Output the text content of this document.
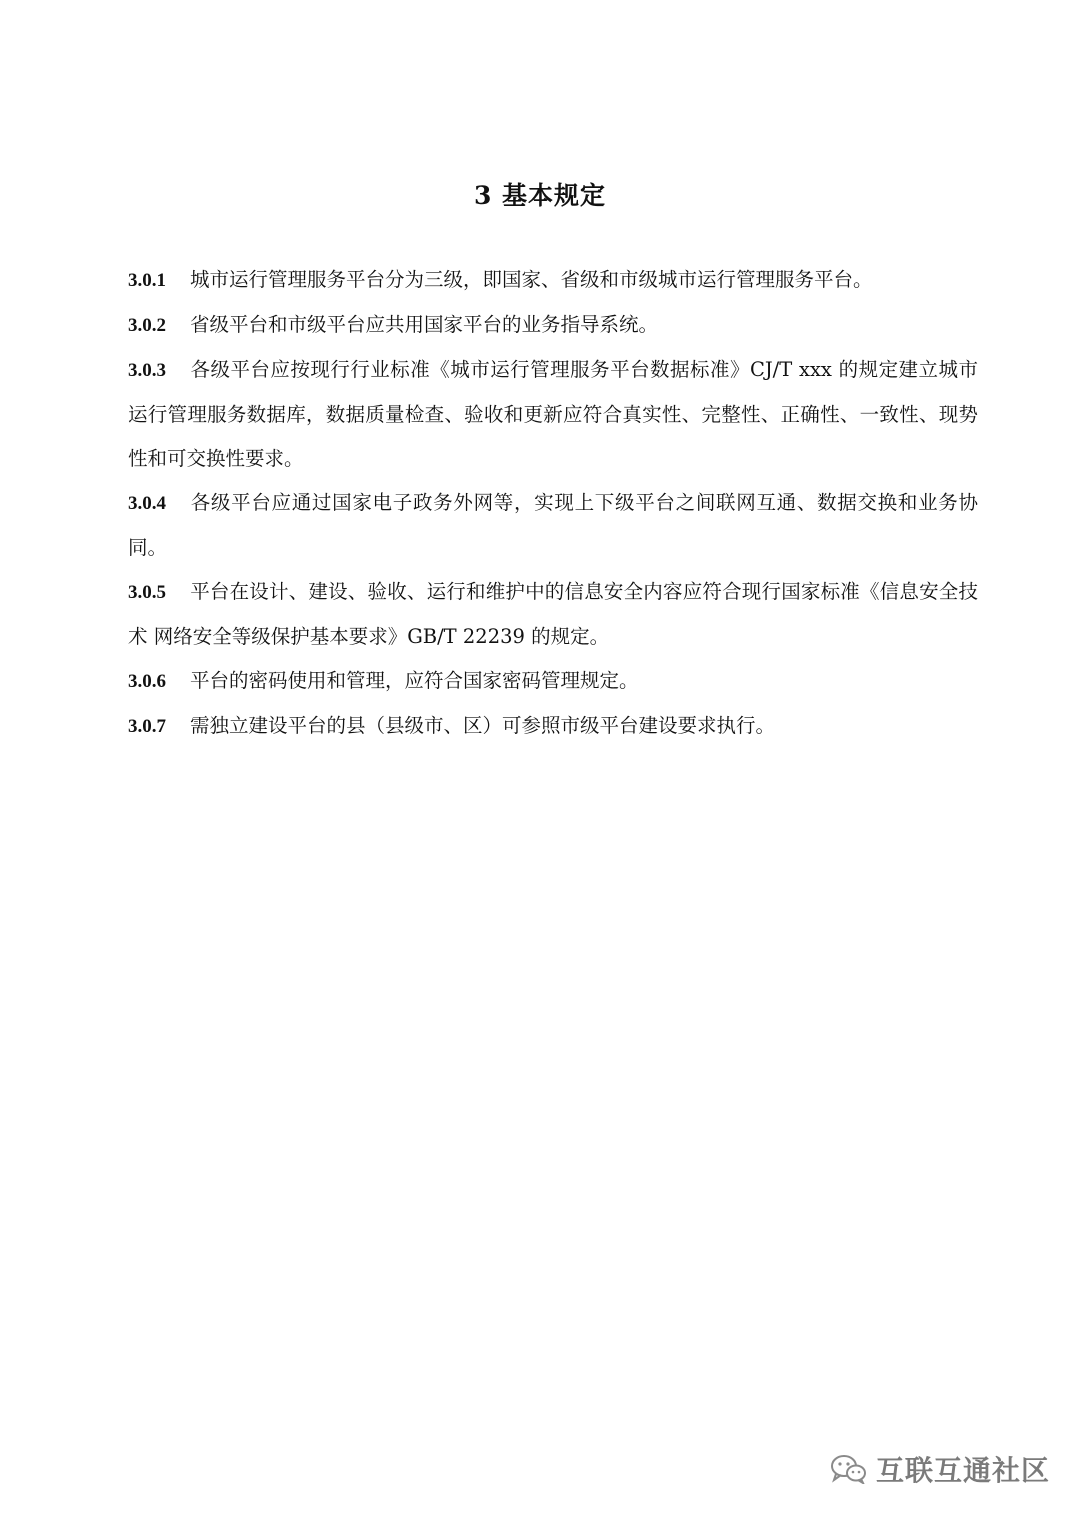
3 基本规定

3.0.1 城市运行管理服务平台分为三级，即国家、省级和市级城市运行管理服务平台。

3.0.2 省级平台和市级平台应共用国家平台的业务指导系统。

3.0.3 各级平台应按现行行业标准《城市运行管理服务平台数据标准》CJ/T xxx 的规定建立城市运行管理服务数据库，数据质量检查、验收和更新应符合真实性、完整性、正确性、一致性、现势性和可交换性要求。

3.0.4 各级平台应通过国家电子政务外网等，实现上下级平台之间联网互通、数据交换和业务协同。

3.0.5 平台在设计、建设、验收、运行和维护中的信息安全内容应符合现行国家标准《信息安全技术 网络安全等级保护基本要求》GB/T 22239 的规定。

3.0.6 平台的密码使用和管理，应符合国家密码管理规定。

3.0.7 需独立建设平台的县（县级市、区）可参照市级平台建设要求执行。

互联互通社区
